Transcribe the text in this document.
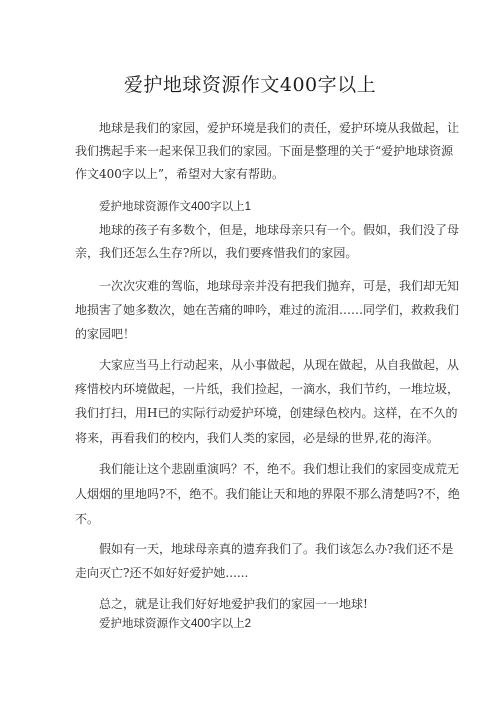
爱护地球资源作文400字以上
地球是我们的家园，爱护环境是我们的责任，爱护环境从我做起，让
我们携起手来一起来保卫我们的家园。下面是整理的关于“爱护地球资源
作文400字以上”，希望对大家有帮助。
爱护地球资源作文400字以上1
地球的孩子有多数个，但是，地球母亲只有一个。假如，我们没了母
亲，我们还怎么生存?所以，我们要疼惜我们的家园。
一次次灾难的驾临，地球母亲并没有把我们抛弃，可是，我们却无知
地损害了她多数次，她在苦痛的呻吟，难过的流泪……同学们，救救我们
的家园吧！
大家应当马上行动起来，从小事做起，从现在做起，从自我做起，从
疼惜校内环境做起，一片纸，我们捡起，一滴水，我们节约，一堆垃圾，
我们打扫，用H已的实际行动爱护环境，创建绿色校内。这样，在不久的
将来，再看我们的校内，我们人类的家园，必是绿的世界,花的海洋。
我们能让这个悲剧重演吗？不，绝不。我们想让我们的家园变成荒无
人烟烟的里地吗?不，绝不。我们能让天和地的界限不那么清楚吗?不，绝
不。
假如有一天，地球母亲真的遗弃我们了。我们该怎么办?我们还不是
走向灭亡?还不如好好爱护她......
总之，就是让我们好好地爱护我们的家园一一地球!
爱护地球资源作文400字以上2
